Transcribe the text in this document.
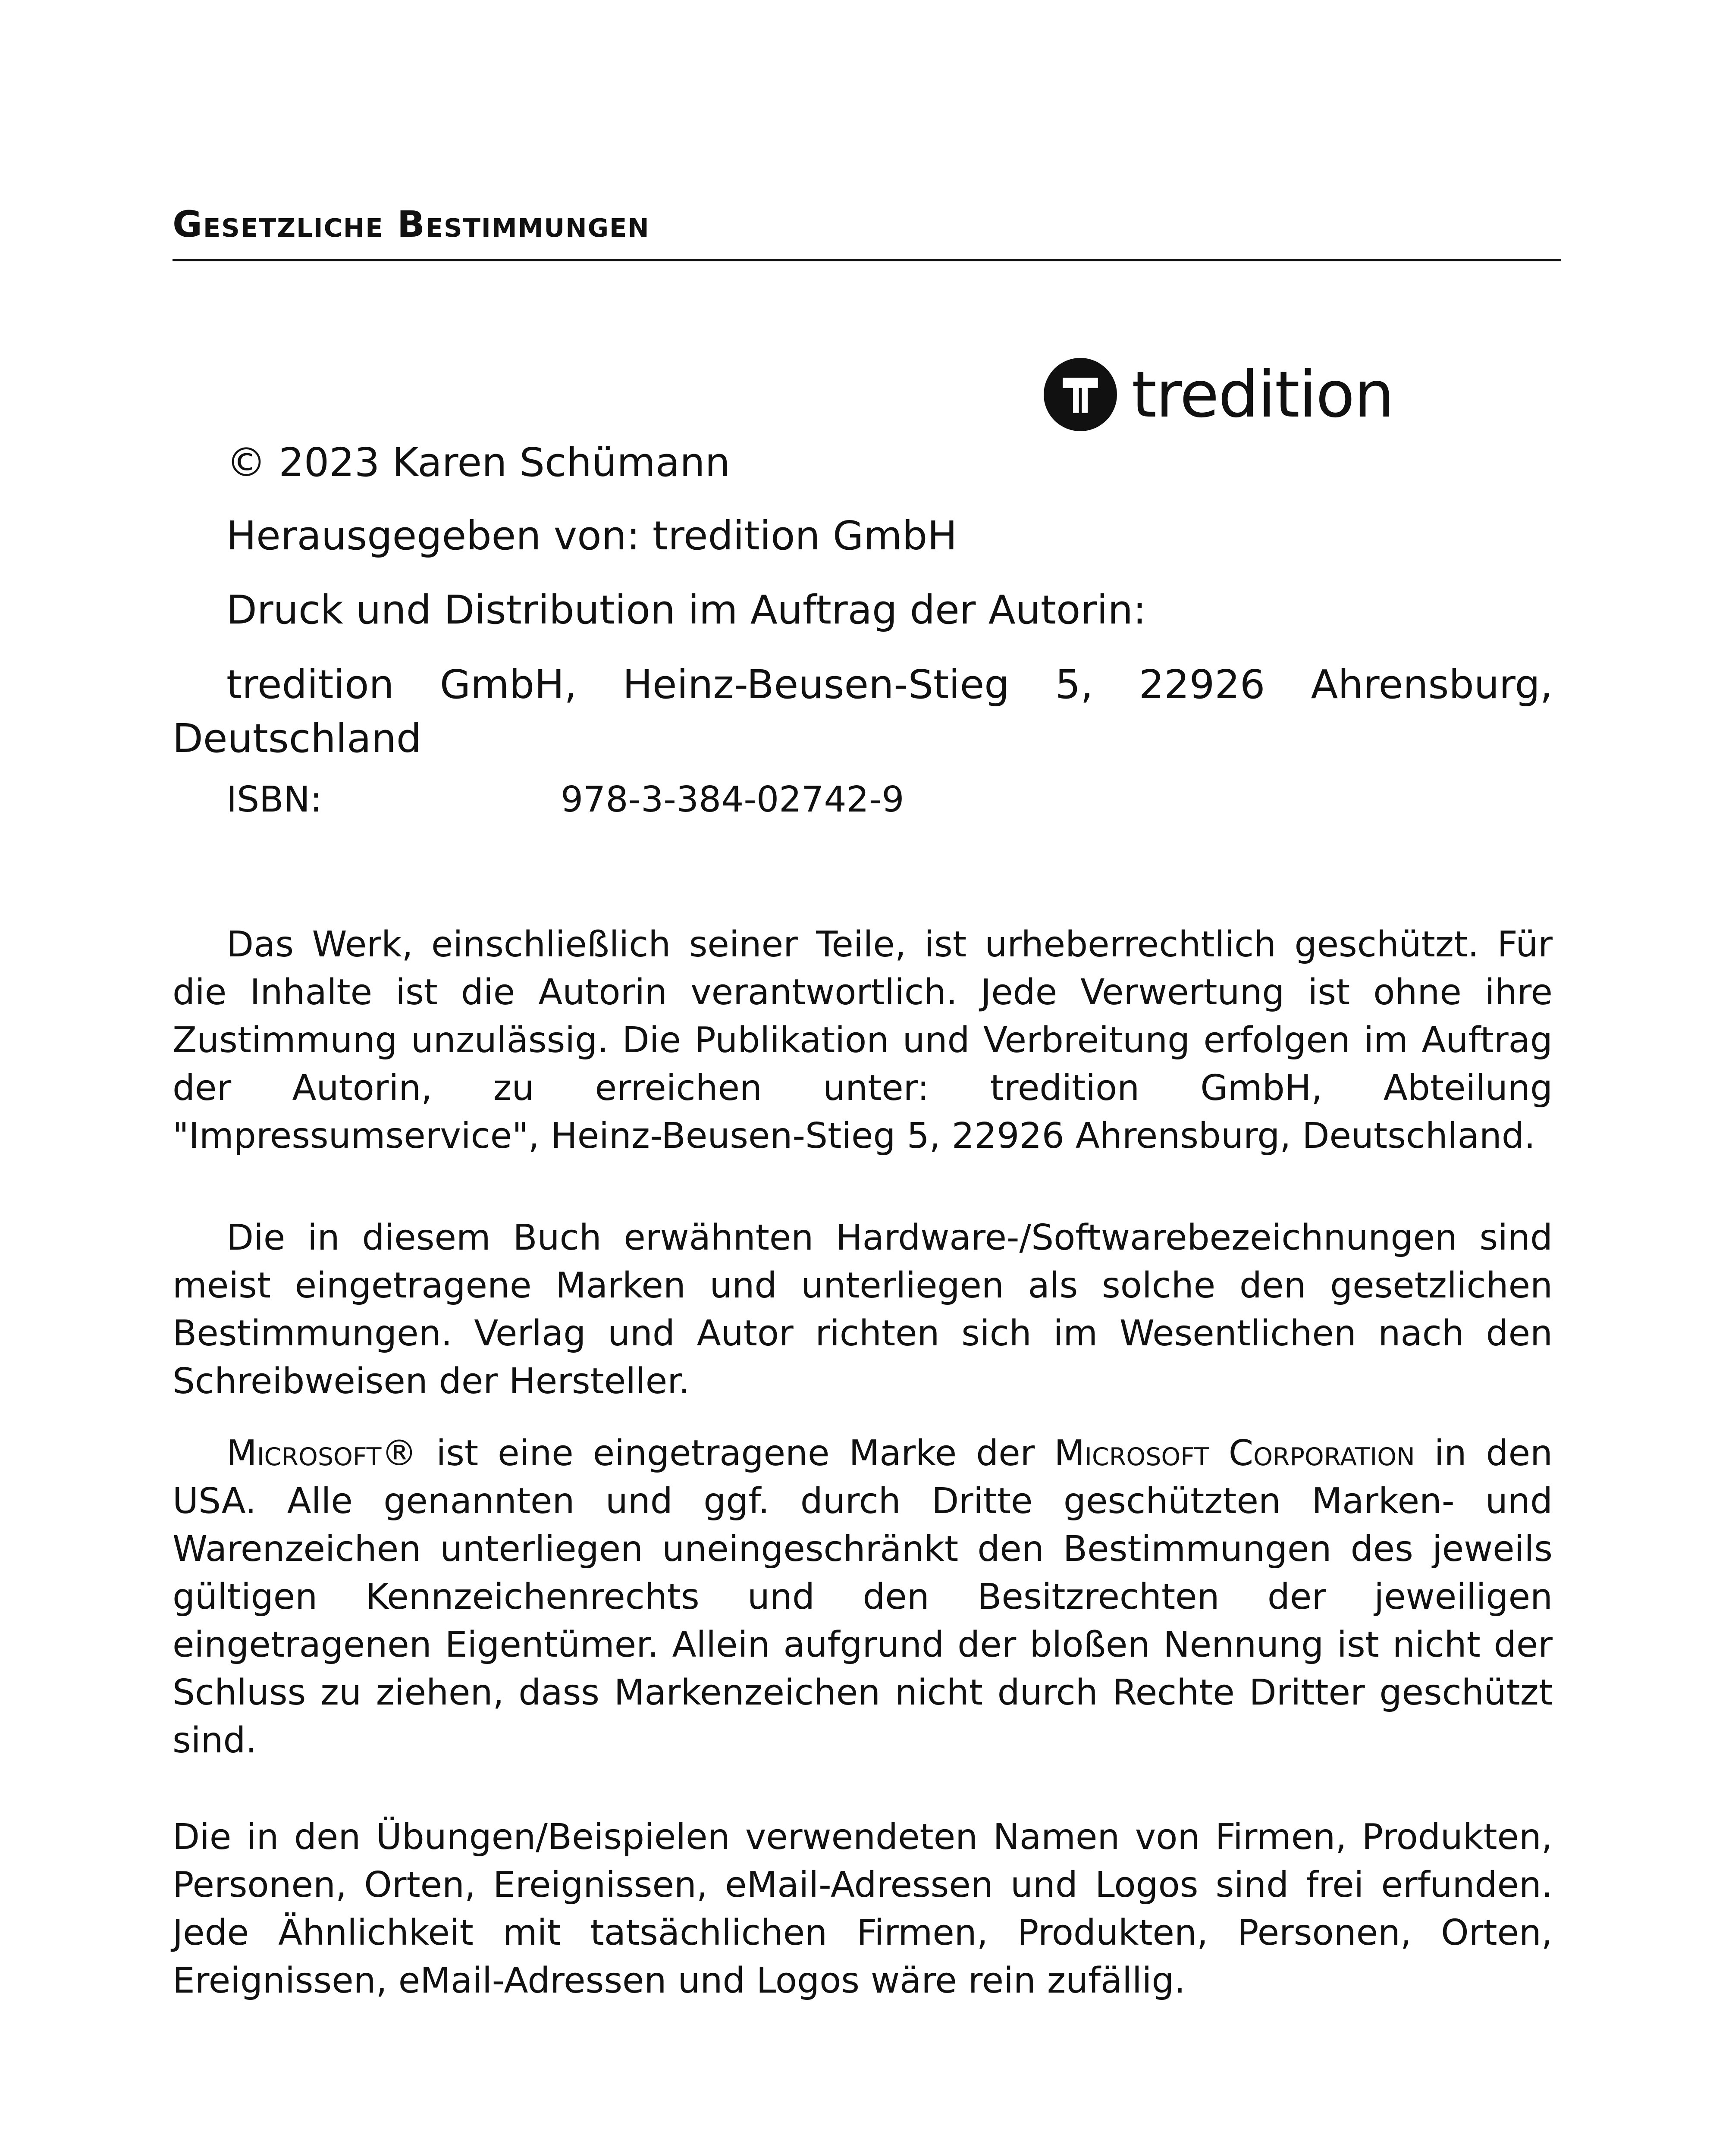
Gesetzliche Bestimmungen
tredition

© 2023 Karen Schümann

Herausgegeben von: tredition GmbH

Druck und Distribution im Auftrag der Autorin:

tredition GmbH, Heinz-Beusen-Stieg 5, 22926 Ahrensburg, Deutschland

ISBN:	978-3-384-02742-9

Das Werk, einschließlich seiner Teile, ist urheberrechtlich geschützt. Für die Inhalte ist die Autorin verantwortlich. Jede Verwertung ist ohne ihre Zustimmung unzulässig. Die Publikation und Verbreitung erfolgen im Auftrag der Autorin, zu erreichen unter: tredition GmbH, Abteilung "Impressumservice", Heinz-Beusen-Stieg 5, 22926 Ahrensburg, Deutschland.

Die in diesem Buch erwähnten Hardware-/Softwarebezeichnungen sind meist eingetragene Marken und unterliegen als solche den gesetzlichen Bestimmungen. Verlag und Autor richten sich im Wesentlichen nach den Schreibweisen der Hersteller.

Microsoft® ist eine eingetragene Marke der Microsoft Corporation in den USA. Alle genannten und ggf. durch Dritte geschützten Marken- und Warenzeichen unterliegen uneingeschränkt den Bestimmungen des jeweils gültigen Kennzeichenrechts und den Besitzrechten der jeweiligen eingetragenen Eigentümer. Allein aufgrund der bloßen Nennung ist nicht der Schluss zu ziehen, dass Markenzeichen nicht durch Rechte Dritter geschützt sind.

Die in den Übungen/Beispielen verwendeten Namen von Firmen, Produkten, Personen, Orten, Ereignissen, eMail-Adressen und Logos sind frei erfunden. Jede Ähnlichkeit mit tatsächlichen Firmen, Produkten, Personen, Orten, Ereignissen, eMail-Adressen und Logos wäre rein zufällig.
